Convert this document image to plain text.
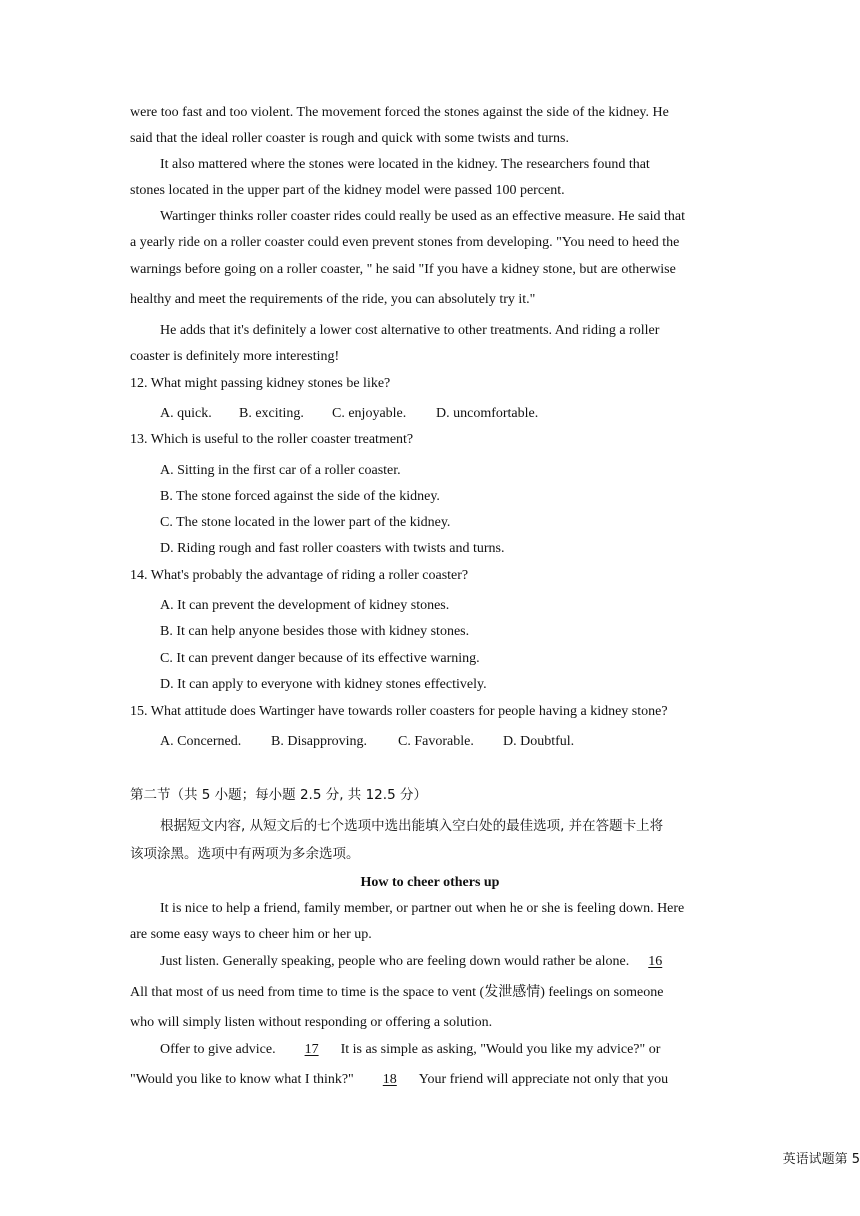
were too fast and too violent. The movement forced the stones against the side of the kidney. He
said that the ideal roller coaster is rough and quick with some twists and turns.
It also mattered where the stones were located in the kidney. The researchers found that
stones located in the upper part of the kidney model were passed 100 percent.
Wartinger thinks roller coaster rides could really be used as an effective measure. He said that
a yearly ride on a roller coaster could even prevent stones from developing. "You need to heed the
warnings before going on a roller coaster, " he said "If you have a kidney stone, but are otherwise
healthy and meet the requirements of the ride, you can absolutely try it."
He adds that it's definitely a lower cost alternative to other treatments. And riding a roller
coaster is definitely more interesting!
12. What might passing kidney stones be like?
A. quick. B. exciting. C. enjoyable. D. uncomfortable.
13. Which is useful to the roller coaster treatment?
A. Sitting in the first car of a roller coaster.
B. The stone forced against the side of the kidney.
C. The stone located in the lower part of the kidney.
D. Riding rough and fast roller coasters with twists and turns.
14. What's probably the advantage of riding a roller coaster?
A. It can prevent the development of kidney stones.
B. It can help anyone besides those with kidney stones.
C. It can prevent danger because of its effective warning.
D. It can apply to everyone with kidney stones effectively.
15. What attitude does Wartinger have towards roller coasters for people having a kidney stone?
A. Concerned. B. Disapproving. C. Favorable. D. Doubtful.
第二节（共 5 小题；每小题 2.5 分, 共 12.5 分）
根据短文内容, 从短文后的七个选项中选出能填入空白处的最佳选项, 并在答题卡上将
该项涂黑。选项中有两项为多余选项。
How to cheer others up
It is nice to help a friend, family member, or partner out when he or she is feeling down. Here
are some easy ways to cheer him or her up.
Just listen. Generally speaking, people who are feeling down would rather be alone. 16
All that most of us need from time to time is the space to vent (发泄感情) feelings on someone
who will simply listen without responding or offering a solution.
Offer to give advice. 17 It is as simple as asking, "Would you like my advice?" or
"Would you like to know what I think?" 18 Your friend will appreciate not only that you
英语试题第 5
